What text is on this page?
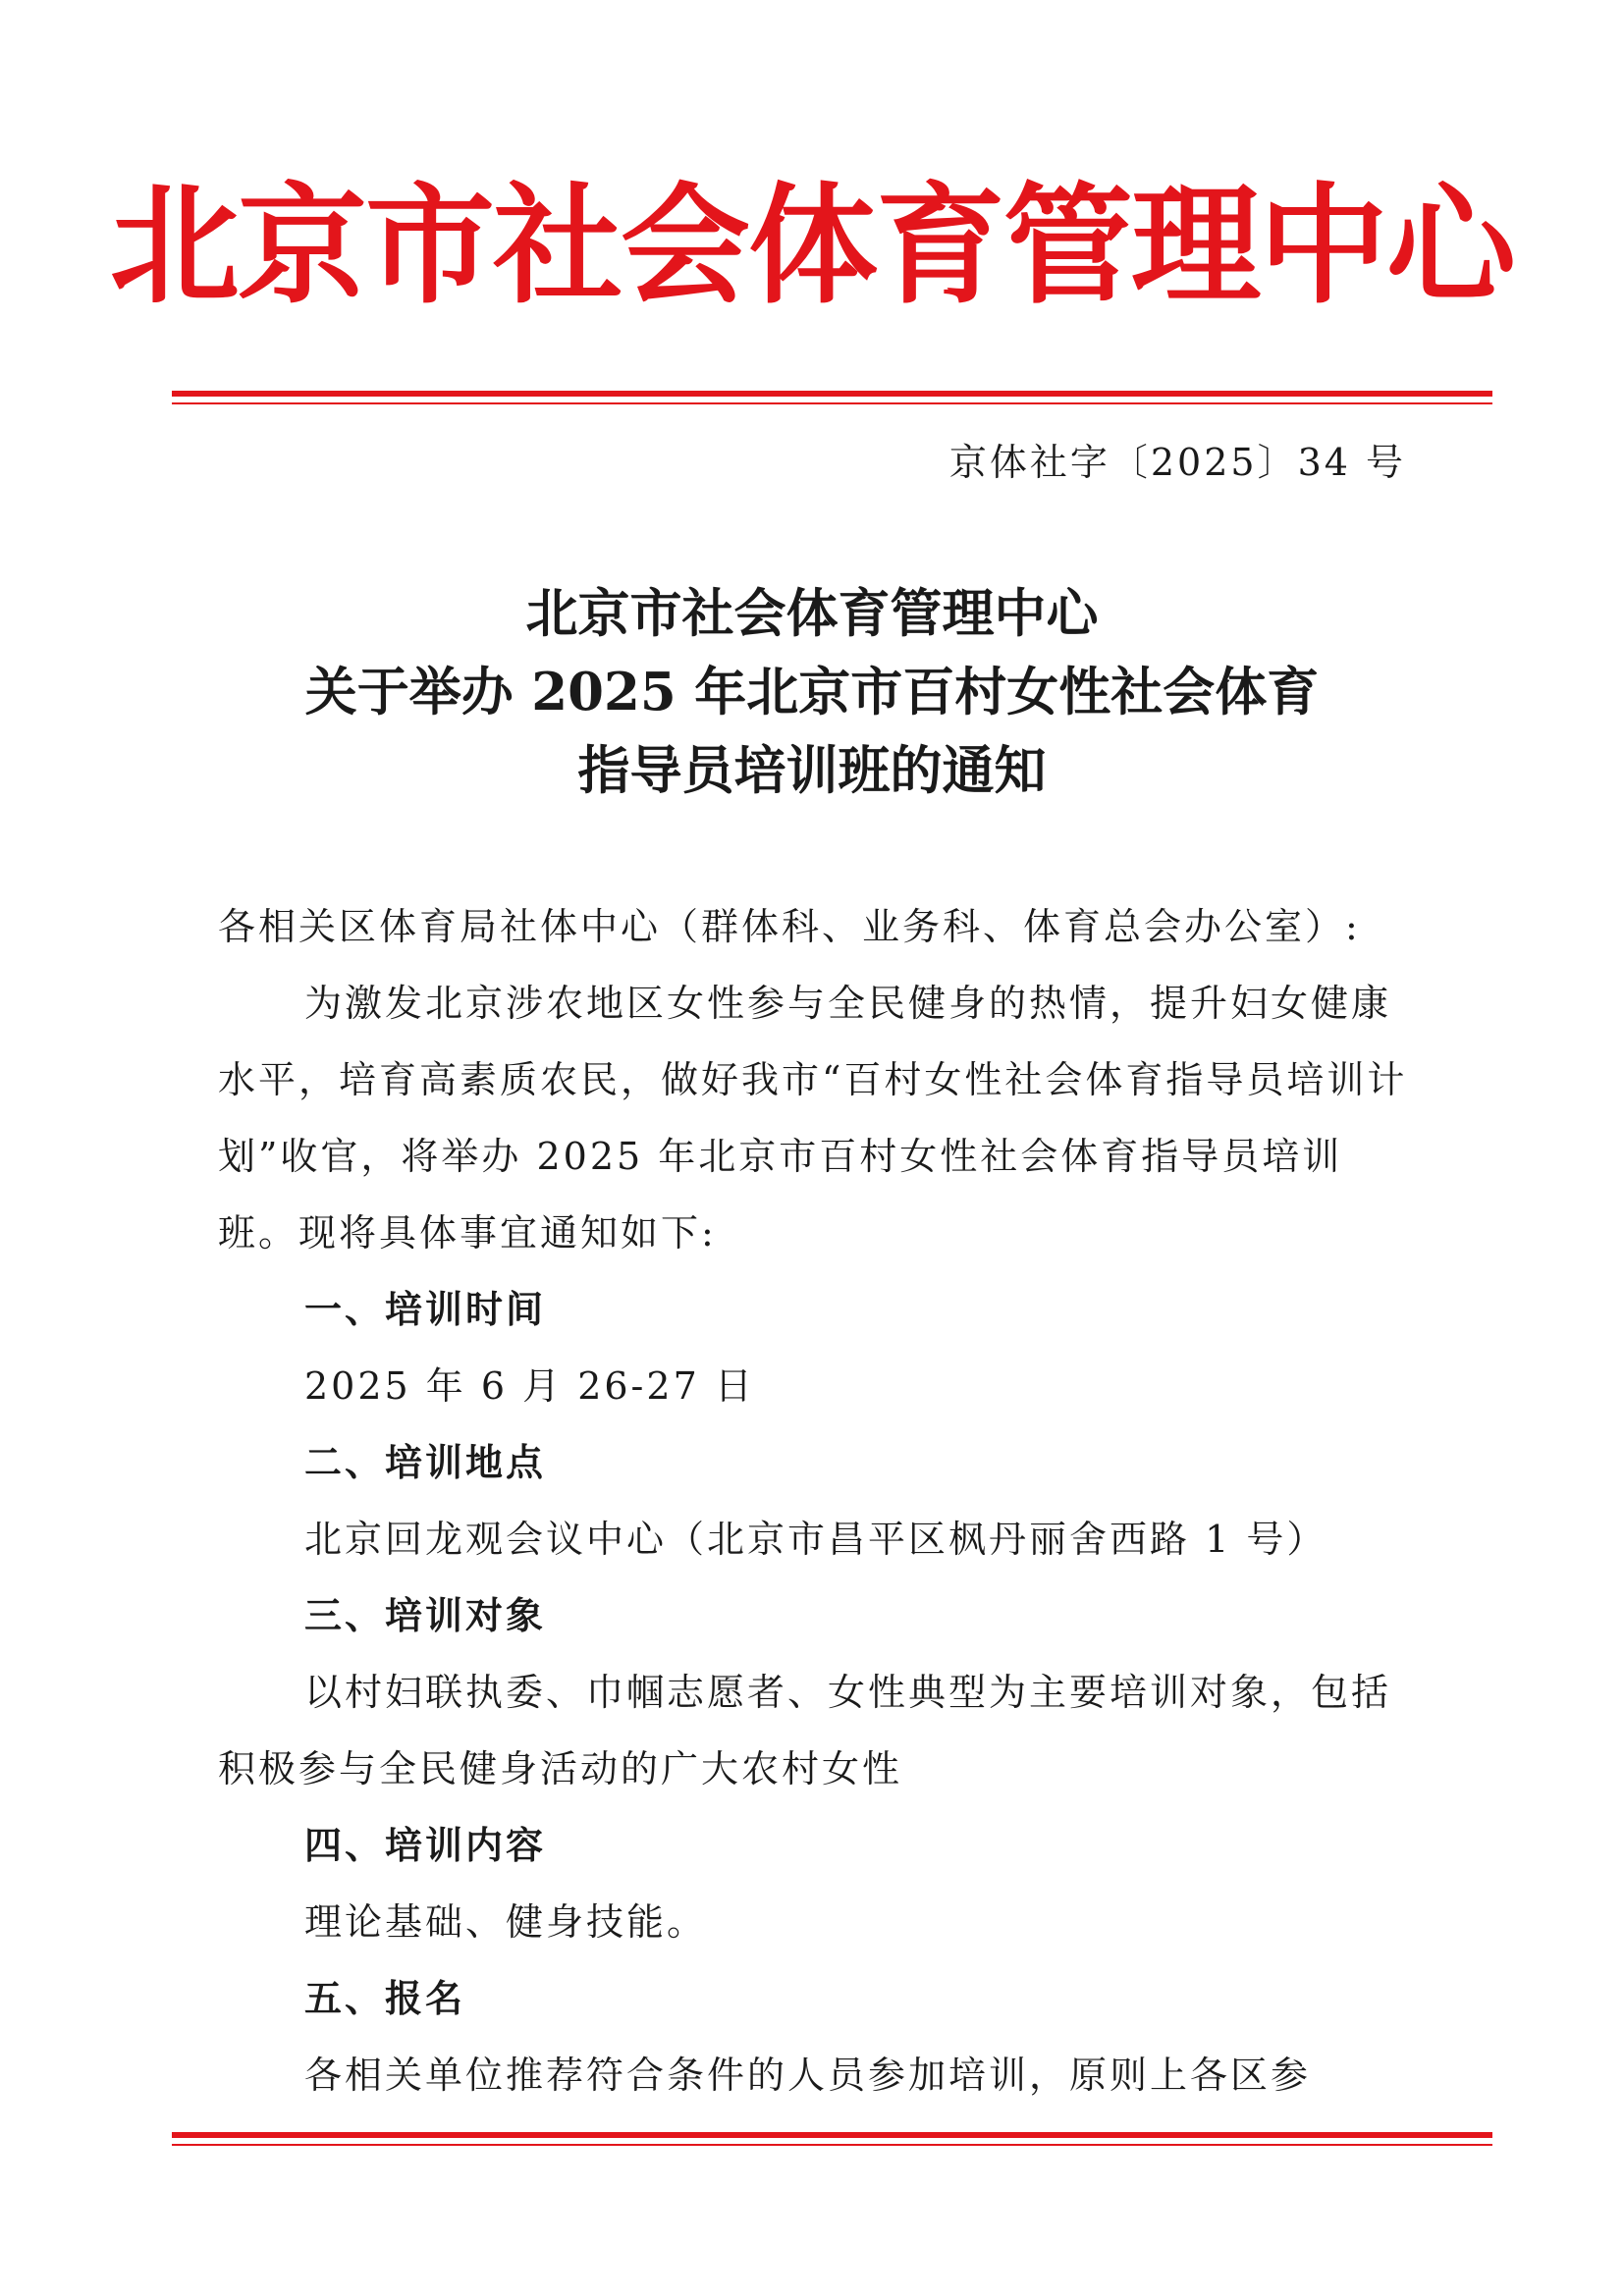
北京市社会体育管理中心
京体社字〔2025〕34 号
北京市社会体育管理中心
关于举办 2025 年北京市百村女性社会体育
指导员培训班的通知

各相关区体育局社体中心（群体科、业务科、体育总会办公室）:

为激发北京涉农地区女性参与全民健身的热情，提升妇女健康水平，培育高素质农民，做好我市“百村女性社会体育指导员培训计划”收官，将举办 2025 年北京市百村女性社会体育指导员培训班。现将具体事宜通知如下:

一、培训时间

2025 年 6 月 26-27 日

二、培训地点

北京回龙观会议中心（北京市昌平区枫丹丽舍西路 1 号）

三、培训对象

以村妇联执委、巾帼志愿者、女性典型为主要培训对象，包括积极参与全民健身活动的广大农村女性

四、培训内容

理论基础、健身技能。

五、报名

各相关单位推荐符合条件的人员参加培训，原则上各区参
